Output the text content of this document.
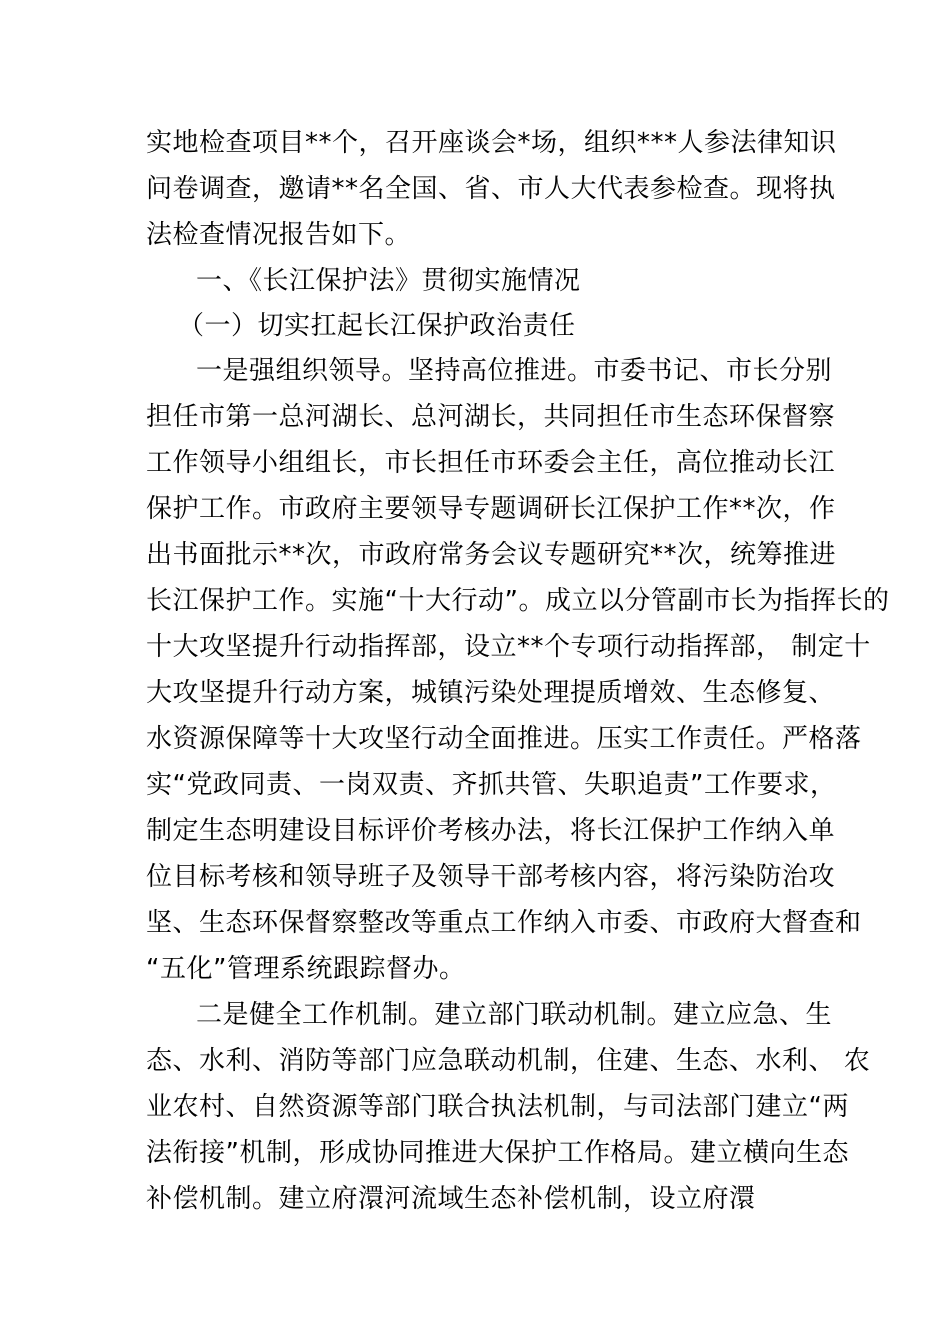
实地检查项目**个，召开座谈会*场，组织***人参法律知识
问卷调查，邀请**名全国、省、市人大代表参检查。现将执
法检查情况报告如下。
一、《长江保护法》贯彻实施情况
（一）切实扛起长江保护政治责任
一是强组织领导。坚持高位推进。市委书记、市长分别
担任市第一总河湖长、总河湖长，共同担任市生态环保督察
工作领导小组组长，市长担任市环委会主任，高位推动长江
保护工作。市政府主要领导专题调研长江保护工作**次，作
出书面批示**次，市政府常务会议专题研究**次，统筹推进
长江保护工作。实施“十大行动”。成立以分管副市长为指挥长的
十大攻坚提升行动指挥部，设立**个专项行动指挥部， 制定十
大攻坚提升行动方案，城镇污染处理提质增效、生态修复、
水资源保障等十大攻坚行动全面推进。压实工作责任。严格落
实“党政同责、一岗双责、齐抓共管、失职追责”工作要求，
制定生态明建设目标评价考核办法，将长江保护工作纳入单
位目标考核和领导班子及领导干部考核内容，将污染防治攻
坚、生态环保督察整改等重点工作纳入市委、市政府大督查和
“五化”管理系统跟踪督办。
二是健全工作机制。建立部门联动机制。建立应急、生
态、水利、消防等部门应急联动机制，住建、生态、水利、 农
业农村、自然资源等部门联合执法机制，与司法部门建立“两
法衔接”机制，形成协同推进大保护工作格局。建立横向生态
补偿机制。建立府澴河流域生态补偿机制，设立府澴
